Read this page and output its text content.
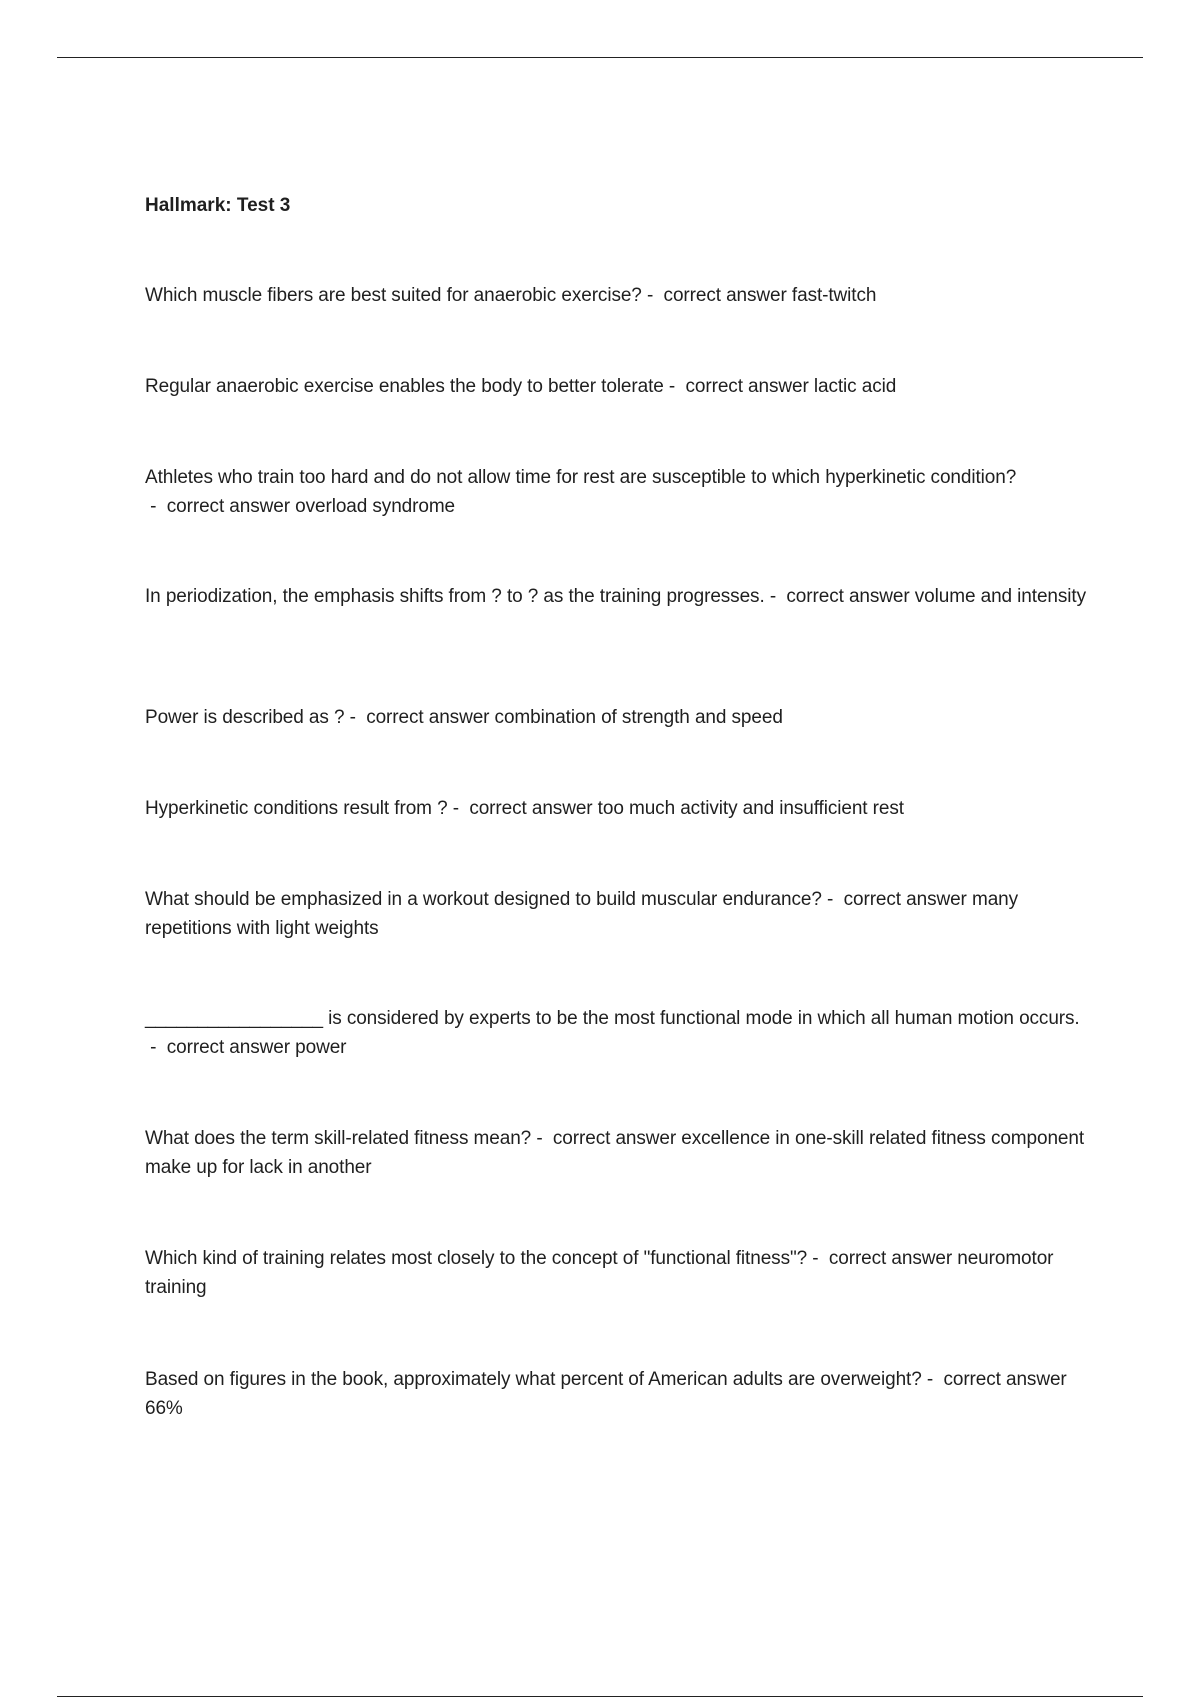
Hallmark: Test 3

Which muscle fibers are best suited for anaerobic exercise? -  correct answer fast-twitch

Regular anaerobic exercise enables the body to better tolerate -  correct answer lactic acid

Athletes who train too hard and do not allow time for rest are susceptible to which hyperkinetic condition? -  correct answer overload syndrome

In periodization, the emphasis shifts from ? to ? as the training progresses. -  correct answer volume and intensity

Power is described as ? -  correct answer combination of strength and speed

Hyperkinetic conditions result from ? -  correct answer too much activity and insufficient rest

What should be emphasized in a workout designed to build muscular endurance? -  correct answer many repetitions with light weights

_________________ is considered by experts to be the most functional mode in which all human motion occurs. -  correct answer power

What does the term skill-related fitness mean? -  correct answer excellence in one-skill related fitness component make up for lack in another

Which kind of training relates most closely to the concept of "functional fitness"? -  correct answer neuromotor training

Based on figures in the book, approximately what percent of American adults are overweight? -  correct answer 66%
